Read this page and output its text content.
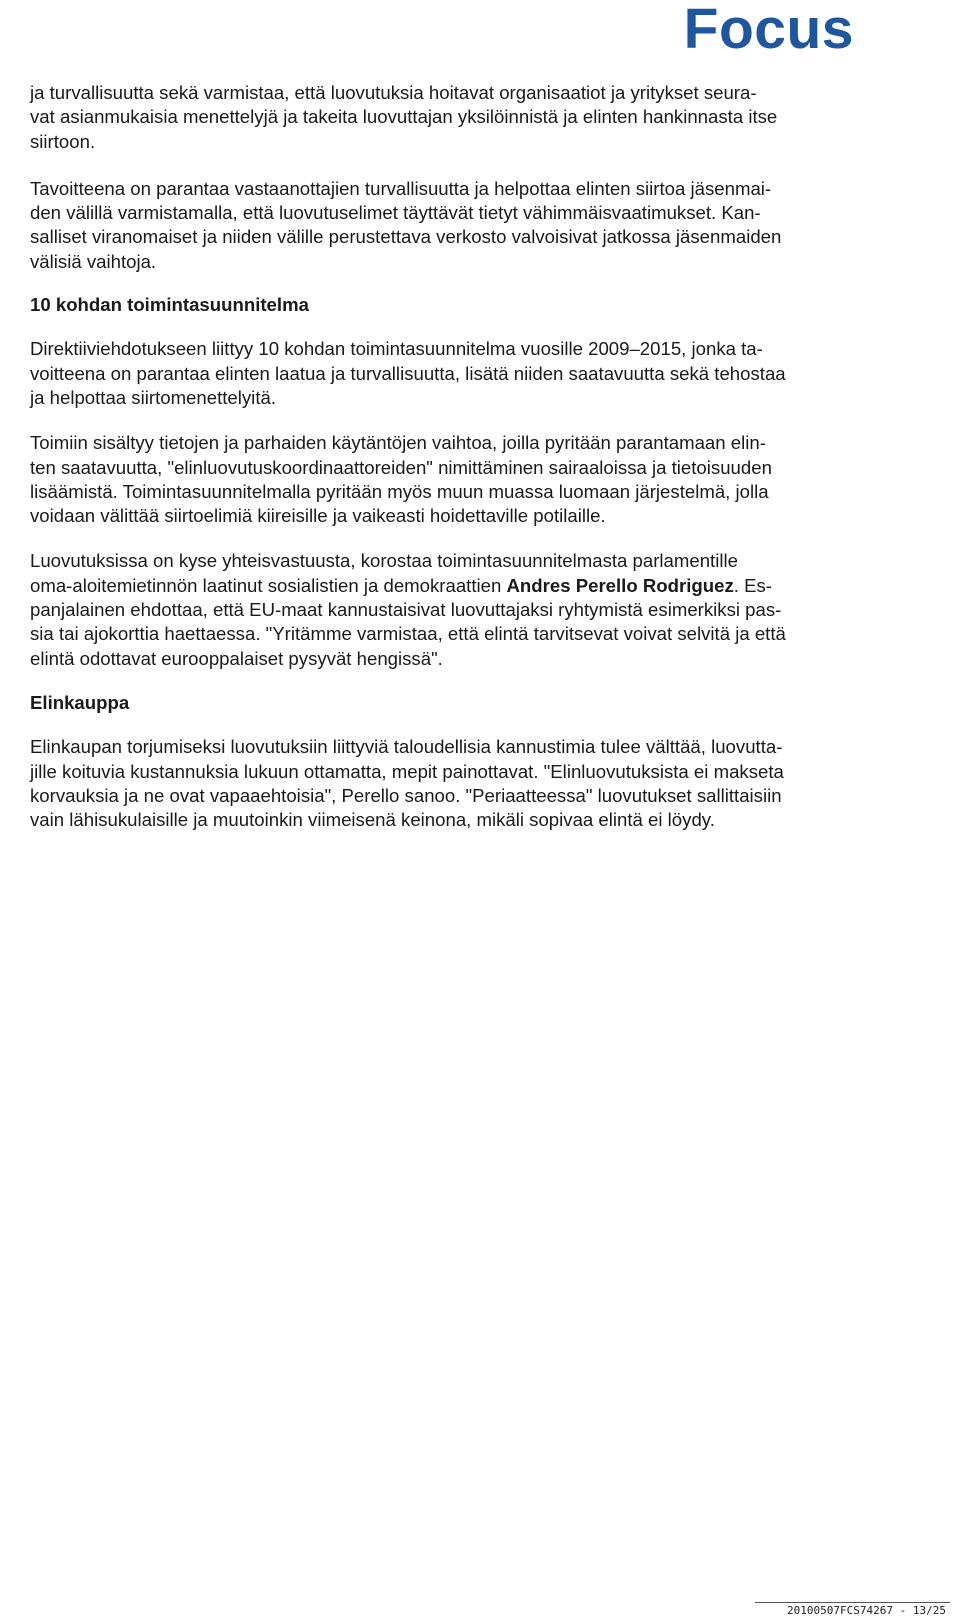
Focus

ja turvallisuutta sekä varmistaa, että luovutuksia hoitavat organisaatiot ja yritykset seura-
vat asianmukaisia menettelyjä ja takeita luovuttajan yksilöinnistä ja elinten hankinnasta itse
siirtoon.

Tavoitteena on parantaa vastaanottajien turvallisuutta ja helpottaa elinten siirtoa jäsenmai-
den välillä varmistamalla, että luovutuselimet täyttävät tietyt vähimmäisvaatimukset. Kan-
salliset viranomaiset ja niiden välille perustettava verkosto valvoisivat jatkossa jäsenmaiden
välisiä vaihtoja.

10 kohdan toimintasuunnitelma

Direktiiviehdotukseen liittyy 10 kohdan toimintasuunnitelma vuosille 2009–2015, jonka ta-
voitteena on parantaa elinten laatua ja turvallisuutta, lisätä niiden saatavuutta sekä tehostaa
ja helpottaa siirtomenettelyitä.

Toimiin sisältyy tietojen ja parhaiden käytäntöjen vaihtoa, joilla pyritään parantamaan elin-
ten saatavuutta, "elinluovutuskoordinaattoreiden" nimittäminen sairaaloissa ja tietoisuuden
lisäämistä. Toimintasuunnitelmalla pyritään myös muun muassa luomaan järjestelmä, jolla
voidaan välittää siirtoelimiä kiireisille ja vaikeasti hoidettaville potilaille.

Luovutuksissa on kyse yhteisvastuusta, korostaa toimintasuunnitelmasta parlamentille
oma-aloitemietinnön laatinut sosialistien ja demokraattien Andres Perello Rodriguez. Es-
panjalainen ehdottaa, että EU-maat kannustaisivat luovuttajaksi ryhtymistä esimerkiksi pas-
sia tai ajokorttia haettaessa. "Yritämme varmistaa, että elintä tarvitsevat voivat selvitä ja että
elintä odottavat eurooppalaiset pysyvät hengissä".

Elinkauppa

Elinkaupan torjumiseksi luovutuksiin liittyviä taloudellisia kannustimia tulee välttää, luovutta-
jille koituvia kustannuksia lukuun ottamatta, mepit painottavat. "Elinluovutuksista ei makseta
korvauksia ja ne ovat vapaaehtoisia", Perello sanoo. "Periaatteessa" luovutukset sallittaisiin
vain lähisukulaisille ja muutoinkin viimeisenä keinona, mikäli sopivaa elintä ei löydy.

20100507FCS74267 - 13/25
